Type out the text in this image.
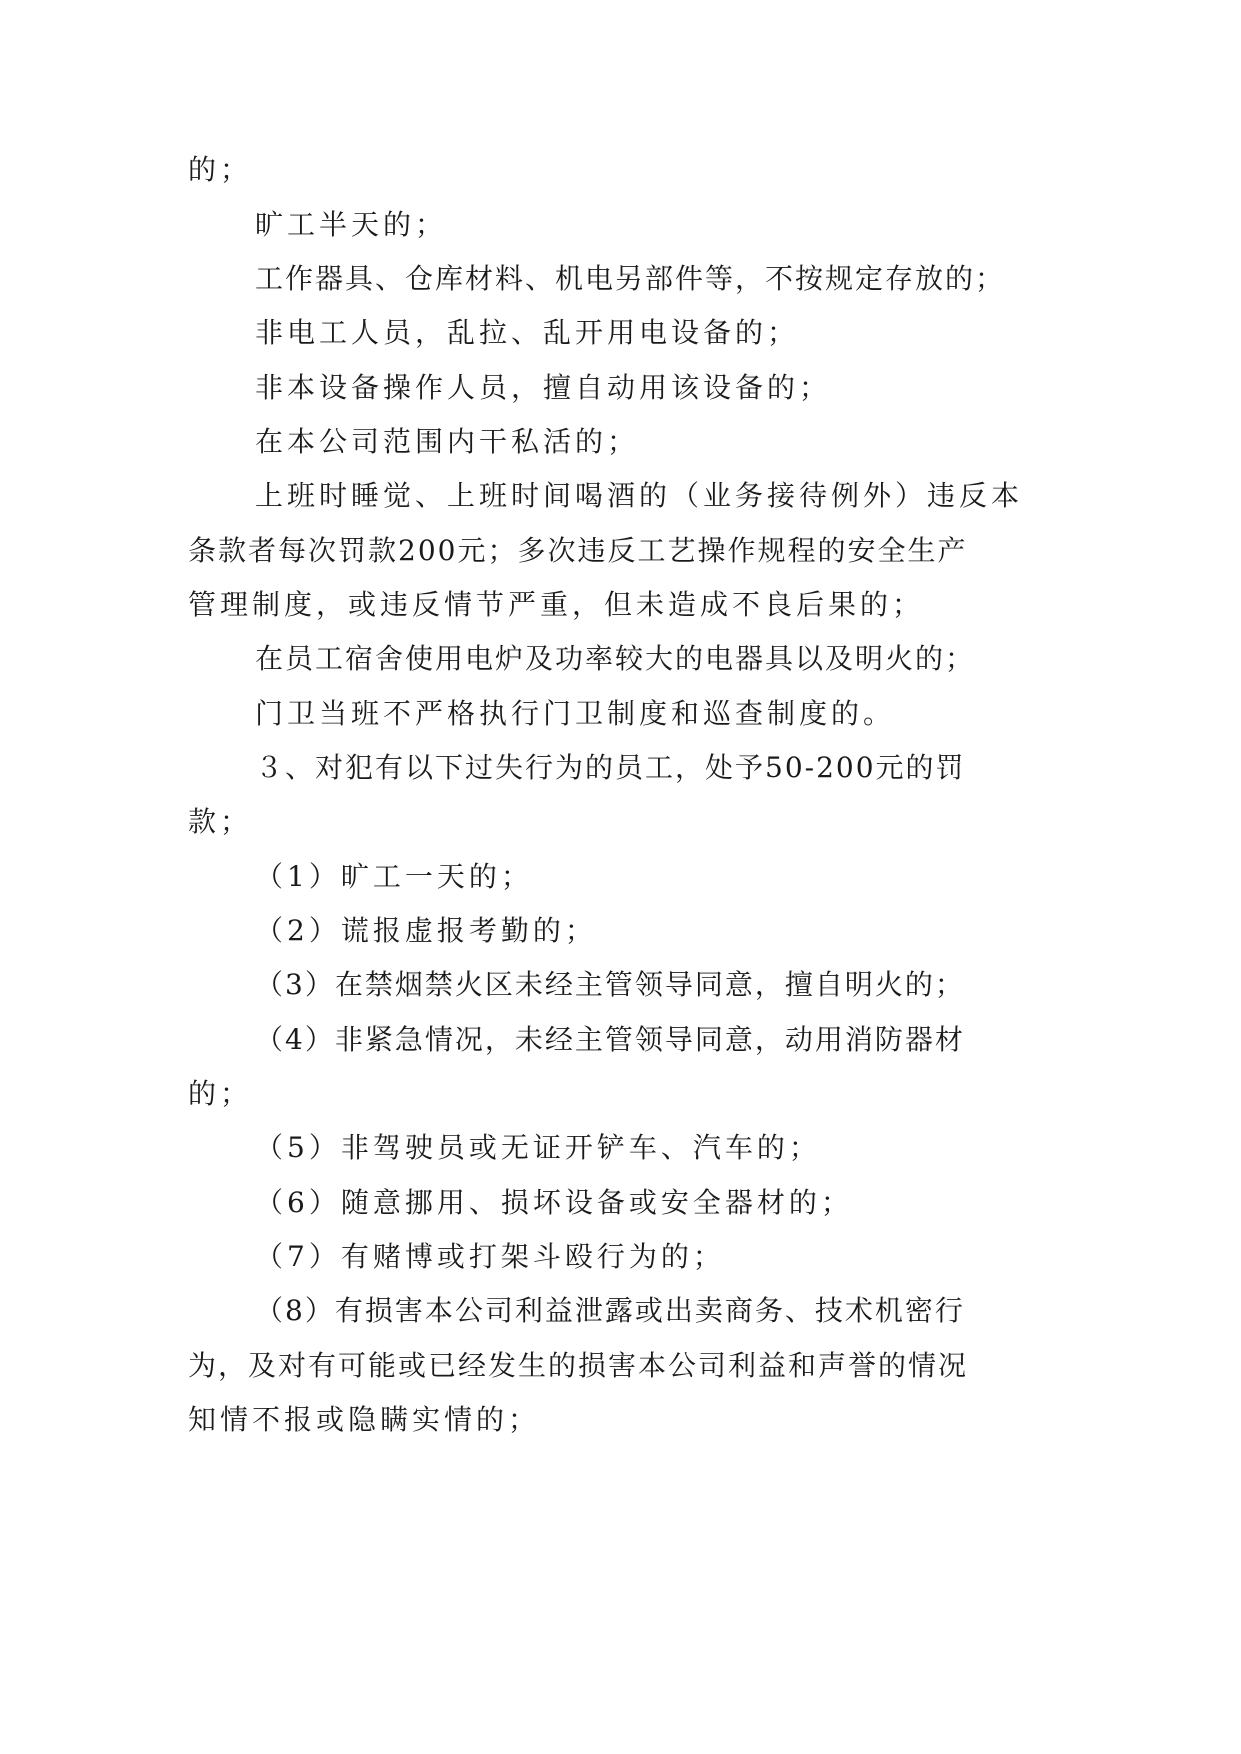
的；
旷工半天的；
工作器具、仓库材料、机电另部件等，不按规定存放的；
非电工人员，乱拉、乱开用电设备的；
非本设备操作人员，擅自动用该设备的；
在本公司范围内干私活的；
上班时睡觉、上班时间喝酒的（业务接待例外）违反本
条款者每次罚款200元；多次违反工艺操作规程的安全生产
管理制度，或违反情节严重，但未造成不良后果的；
在员工宿舍使用电炉及功率较大的电器具以及明火的；
门卫当班不严格执行门卫制度和巡查制度的。
３、对犯有以下过失行为的员工，处予50-200元的罚
款；
（1）旷工一天的；
（2）谎报虚报考勤的；
（3）在禁烟禁火区未经主管领导同意，擅自明火的；
（4）非紧急情况，未经主管领导同意，动用消防器材
的；
（5）非驾驶员或无证开铲车、汽车的；
（6）随意挪用、损坏设备或安全器材的；
（7）有赌博或打架斗殴行为的；
（8）有损害本公司利益泄露或出卖商务、技术机密行
为，及对有可能或已经发生的损害本公司利益和声誉的情况
知情不报或隐瞒实情的；
